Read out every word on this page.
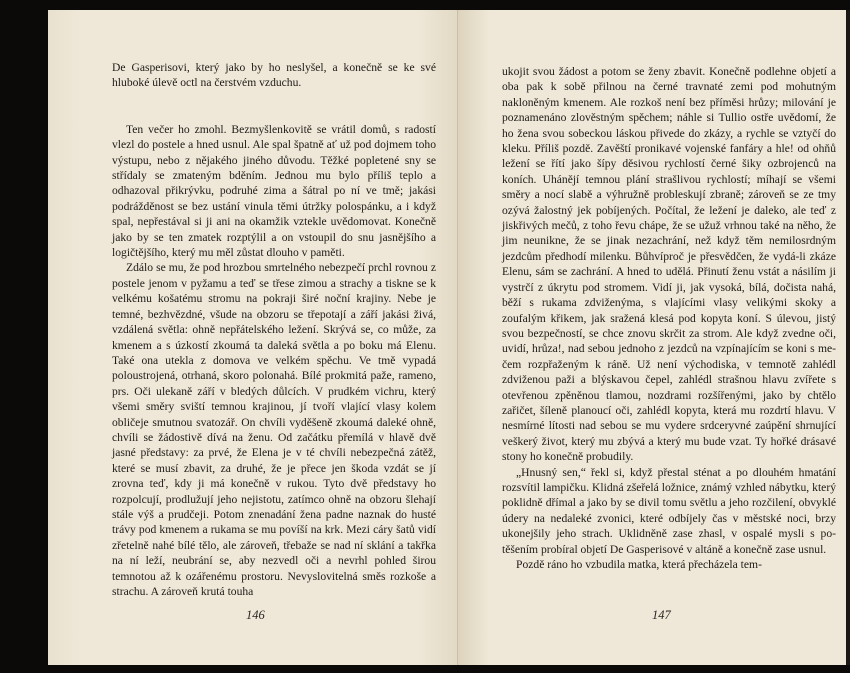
De Gasperisovi, který jako by ho neslyšel, a konečně se ke své hluboké úlevě octl na čerstvém vzduchu.

Ten večer ho zmohl. Bezmyšlenkovitě se vrátil domů, s radostí vlezl do postele a hned usnul. Ale spal špatně ať už pod dojmem toho výstupu, nebo z nějakého jiného důvodu. Těžké popletené sny se střídaly se zmateným bděním. Jednou mu bylo příliš teplo a odhazoval přikrývku, podruhé zima a šátral po ní ve tmě; jakási podrážděnost se bez ustání vinula těmi útržky polospánku, a i když spal, nepřestával si ji ani na okamžik vztekle uvědomovat. Konečně jako by se ten zmatek rozptýlil a on vstoupil do snu jasnějšího a logičtějšího, který mu měl zůstat dlouho v paměti.

Zdálo se mu, že pod hrozbou smrtelného nebezpečí prchl rovnou z postele jenom v pyžamu a teď se třese zimou a strachy a tiskne se k velkému košatému stromu na pokraji širé noční krajiny. Nebe je temné, bezhvězdné, všude na obzoru se třepotají a září jakási živá, vzdálená světla: ohně nepřátelského ležení. Skrývá se, co může, za kmenem a s úzkostí zkoumá ta daleká světla a po boku má Elenu. Také ona utekla z domova ve velkém spěchu. Ve tmě vypadá poloustrojená, otrhaná, skoro polonahá. Bílé prokmitá paže, rameno, prs. Oči ulekaně září v bledých důlcích. V prudkém vichru, který všemi směry sviští temnou krajinou, jí tvoří vlající vlasy kolem obličeje smutnou svatozář. On chvíli vyděšeně zkoumá daleké ohně, chvíli se žádostivě dívá na ženu. Od začátku přemílá v hlavě dvě jasné představy: za prvé, že Elena je v té chvíli nebezpečná zátěž, které se musí zbavit, za druhé, že je přece jen škoda vzdát se jí zrovna teď, kdy ji má konečně v rukou. Tyto dvě představy ho rozpolcují, prodlužují jeho nejistotu, zatímco ohně na obzoru šlehají stále výš a prudčeji. Potom znenadání žena padne naznak do husté trávy pod kmenem a rukama se mu povíší na krk. Mezi cáry šatů vidí zřetelně nahé bílé tělo, ale zároveň, třebaže se nad ní sklání a takřka na ní leží, neubrání se, aby nezvedl oči a nevrhl pohled širou temnotou až k ozářenému prostoru. Nevyslovitelná směs rozkoše a strachu. A zároveň krutá touha

146

ukojit svou žádost a potom se ženy zbavit. Konečně podlehne objetí a oba pak k sobě přilnou na černé travnaté zemi pod mohutným nakloněným kmenem. Ale rozkoš není bez příměsi hrůzy; milování je poznamenáno zlověstným spěchem; náhle si Tullio ostře uvědomí, že ho žena svou sobeckou láskou přivede do zkázy, a rychle se vztyčí do kleku. Příliš pozdě. Zavěští pronikavé vojenské fanfáry a hle! od ohňů ležení se řítí jako šípy děsivou rychlostí černé šiky ozbrojenců na koních. Uhánějí temnou plání strašlivou rychlostí; míhají se všemi směry a nocí slabě a výhružně probleskují zbraně; zároveň se ze tmy ozývá žalostný jek pobíjených. Počítal, že ležení je daleko, ale teď z jiskřivých mečů, z toho řevu chápe, že se užuž vrhnou také na něho, že jim neunikne, že se jinak nezachrání, než když těm nemilosrdným jezdcům předhodí milenku. Bůhvíproč je přesvědčen, že vydá-li zkáze Elenu, sám se zachrání. A hned to udělá. Přinutí ženu vstát a násilím ji vystrčí z úkrytu pod stromem. Vidí ji, jak vysoká, bílá, dočista nahá, běží s rukama zdviženýma, s vlajícími vlasy velikými skoky a zoufalým křikem, jak sražená klesá pod kopyta koní. S úlevou, jistý svou bezpečností, se chce znovu skrčit za strom. Ale když zvedne oči, uvidí, hrůza!, nad sebou jednoho z jezdců na vzpínajícím se koni s mečem rozpřaženým k ráně. Už není východiska, v temnotě zahlédl zdviženou paži a blýskavou čepel, zahlédl strašnou hlavu zvířete s otevřenou zpěněnou tlamou, nozdrami rozšířenými, jako by chtělo zařičet, šíleně planoucí oči, zahlédl kopyta, která mu rozdrtí hlavu. V nesmírné lítosti nad sebou se mu vydere srdceryvné zaúpění shrnující veškerý život, který mu zbývá a který mu bude vzat. Ty hořké drásavé stony ho konečně probudily.

„Hnusný sen,“ řekl si, když přestal sténat a po dlouhém hmatání rozsvítil lampičku. Klidná zšeřelá ložnice, známý vzhled nábytku, který poklidně dřímal a jako by se divil tomu světlu a jeho rozčilení, obvyklé údery na nedaleké zvonici, které odbíjely čas v městské noci, brzy ukonejšily jeho strach. Uklidněně zase zhasl, v ospalé mysli s potěšením probíral objetí De Gasperisové v altáně a konečně zase usnul.

Pozdě ráno ho vzbudila matka, která přecházela tem-

147
